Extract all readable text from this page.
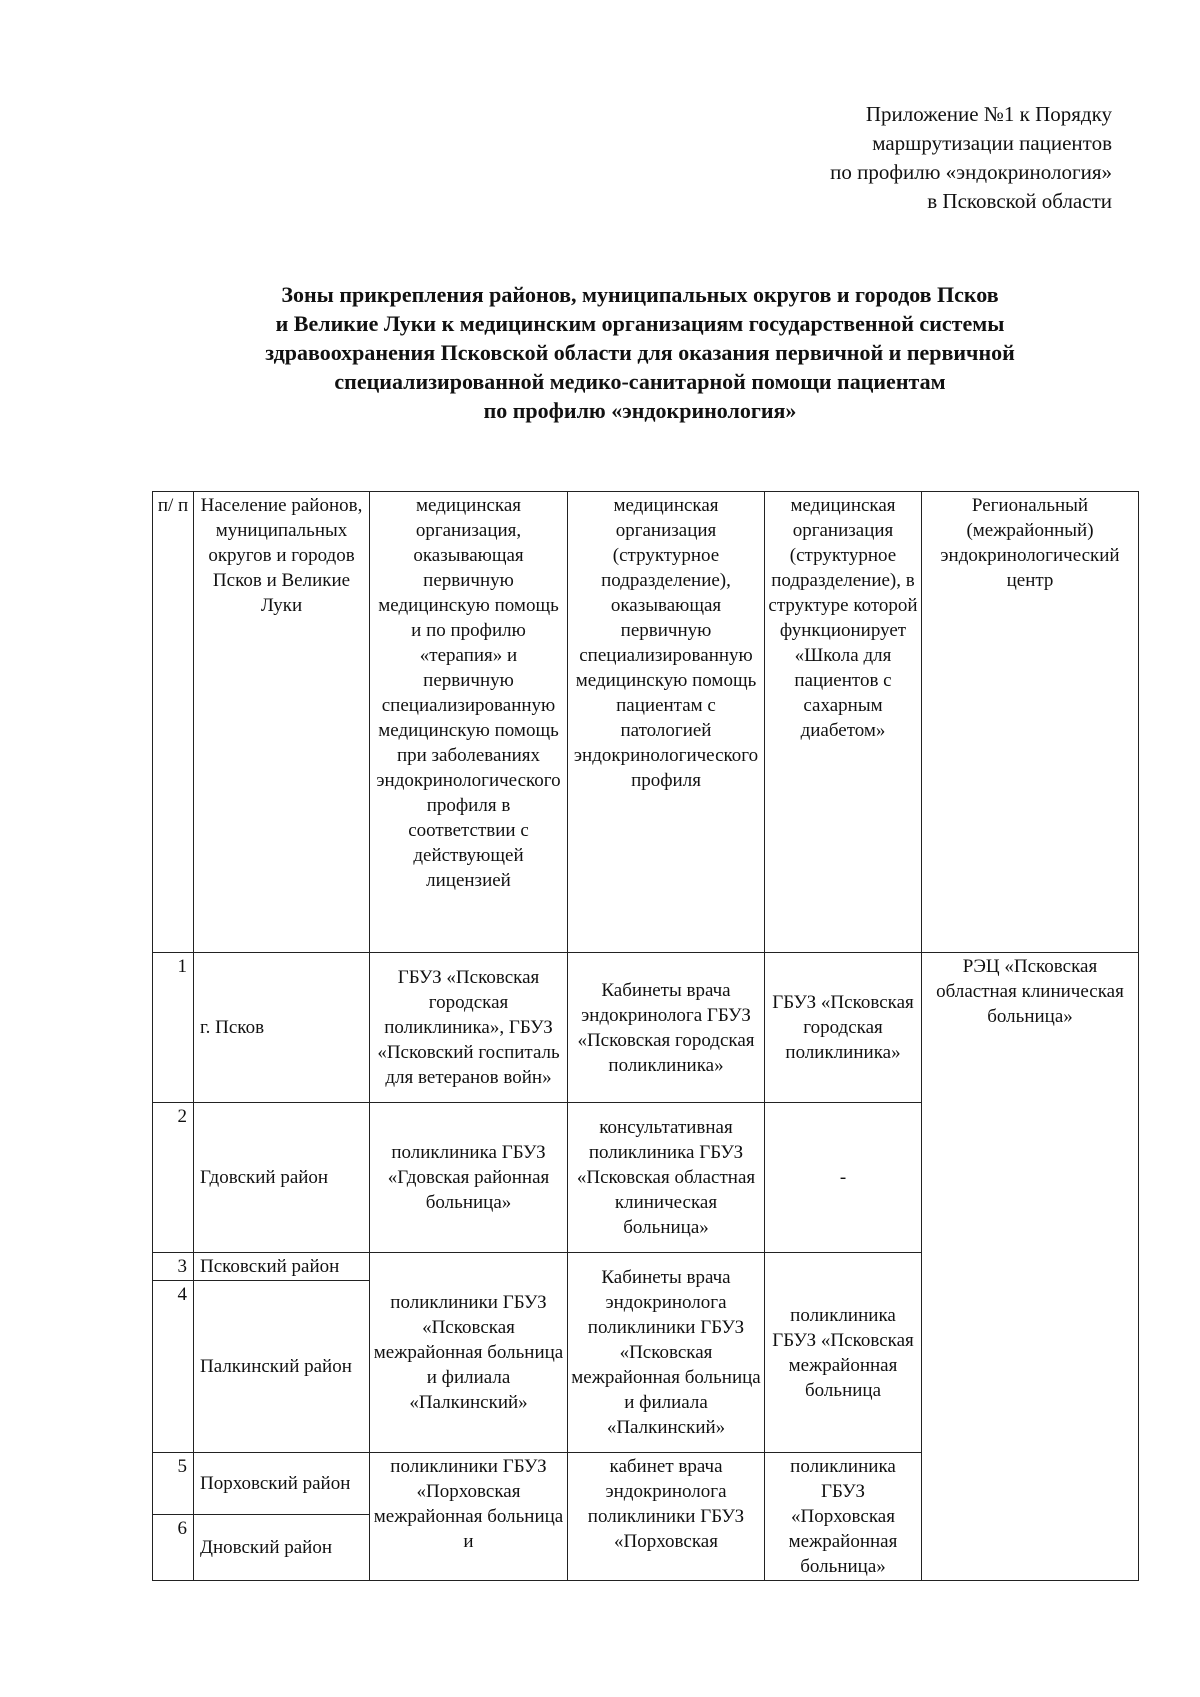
Приложение №1 к Порядку
маршрутизации пациентов
по профилю «эндокринология»
в Псковской области
Зоны прикрепления районов, муниципальных округов и городов Псков
и Великие Луки к медицинским организациям государственной системы
здравоохранения Псковской области для оказания первичной и первичной
специализированной медико-санитарной помощи пациентам
по профилю «эндокринология»
п/ п	Население районов, муниципальных округов и городов Псков и Великие Луки	медицинская организация, оказывающая первичную медицинскую помощь и по профилю «терапия» и первичную специализированную медицинскую помощь при заболеваниях эндокринологического профиля в соответствии с действующей лицензией	медицинская организация (структурное подразделение), оказывающая первичную специализированную медицинскую помощь пациентам с патологией эндокринологического профиля	медицинская организация (структурное подразделение), в структуре которой функционирует «Школа для пациентов с сахарным диабетом»	Региональный (межрайонный) эндокринологический центр
1	г. Псков	ГБУЗ «Псковская городская поликлиника», ГБУЗ «Псковский госпиталь для ветеранов войн»	Кабинеты врача эндокринолога ГБУЗ «Псковская городская поликлиника»	ГБУЗ «Псковская городская поликлиника»	РЭЦ «Псковская областная клиническая больница»
2	Гдовский район	поликлиника ГБУЗ «Гдовская районная больница»	консультативная поликлиника ГБУЗ «Псковская областная клиническая больница»	-	
3	Псковский район	поликлиники ГБУЗ «Псковская межрайонная больница и филиала «Палкинский»	Кабинеты врача эндокринолога поликлиники ГБУЗ «Псковская межрайонная больница и филиала «Палкинский»	поликлиника ГБУЗ «Псковская межрайонная больница	
4	Палкинский район				
5	Порховский район	поликлиники ГБУЗ «Порховская межрайонная больница и	кабинет врача эндокринолога поликлиники ГБУЗ «Порховская	поликлиника ГБУЗ «Порховская межрайонная больница»	
6	Дновский район				
